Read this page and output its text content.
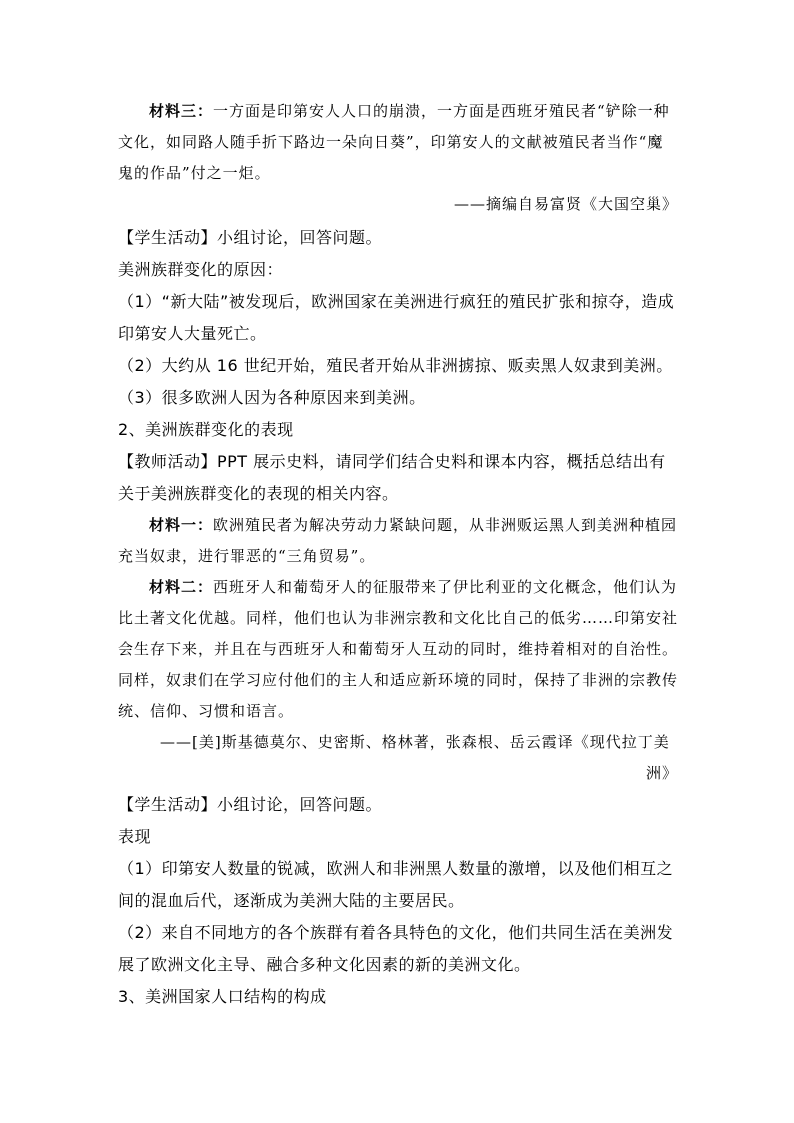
材料三：一方面是印第安人人口的崩溃，一方面是西班牙殖民者“铲除一种文化，如同路人随手折下路边一朵向日葵”，印第安人的文献被殖民者当作“魔鬼的作品”付之一炬。

——摘编自易富贤《大国空巢》

【学生活动】小组讨论，回答问题。

美洲族群变化的原因：

（1）“新大陆”被发现后，欧洲国家在美洲进行疯狂的殖民扩张和掠夺，造成印第安人大量死亡。

（2）大约从 16 世纪开始，殖民者开始从非洲掳掠、贩卖黑人奴隶到美洲。

（3）很多欧洲人因为各种原因来到美洲。

2、美洲族群变化的表现

【教师活动】PPT 展示史料，请同学们结合史料和课本内容，概括总结出有关于美洲族群变化的表现的相关内容。

材料一：欧洲殖民者为解决劳动力紧缺问题，从非洲贩运黑人到美洲种植园充当奴隶，进行罪恶的“三角贸易”。

材料二：西班牙人和葡萄牙人的征服带来了伊比利亚的文化概念，他们认为比土著文化优越。同样，他们也认为非洲宗教和文化比自己的低劣……印第安社会生存下来，并且在与西班牙人和葡萄牙人互动的同时，维持着相对的自治性。同样，奴隶们在学习应付他们的主人和适应新环境的同时，保持了非洲的宗教传统、信仰、习惯和语言。

——[美]斯基德莫尔、史密斯、格林著，张森根、岳云霞译《现代拉丁美

洲》

【学生活动】小组讨论，回答问题。

表现

（1）印第安人数量的锐减，欧洲人和非洲黑人数量的激增，以及他们相互之间的混血后代，逐渐成为美洲大陆的主要居民。

（2）来自不同地方的各个族群有着各具特色的文化，他们共同生活在美洲发展了欧洲文化主导、融合多种文化因素的新的美洲文化。

3、美洲国家人口结构的构成
